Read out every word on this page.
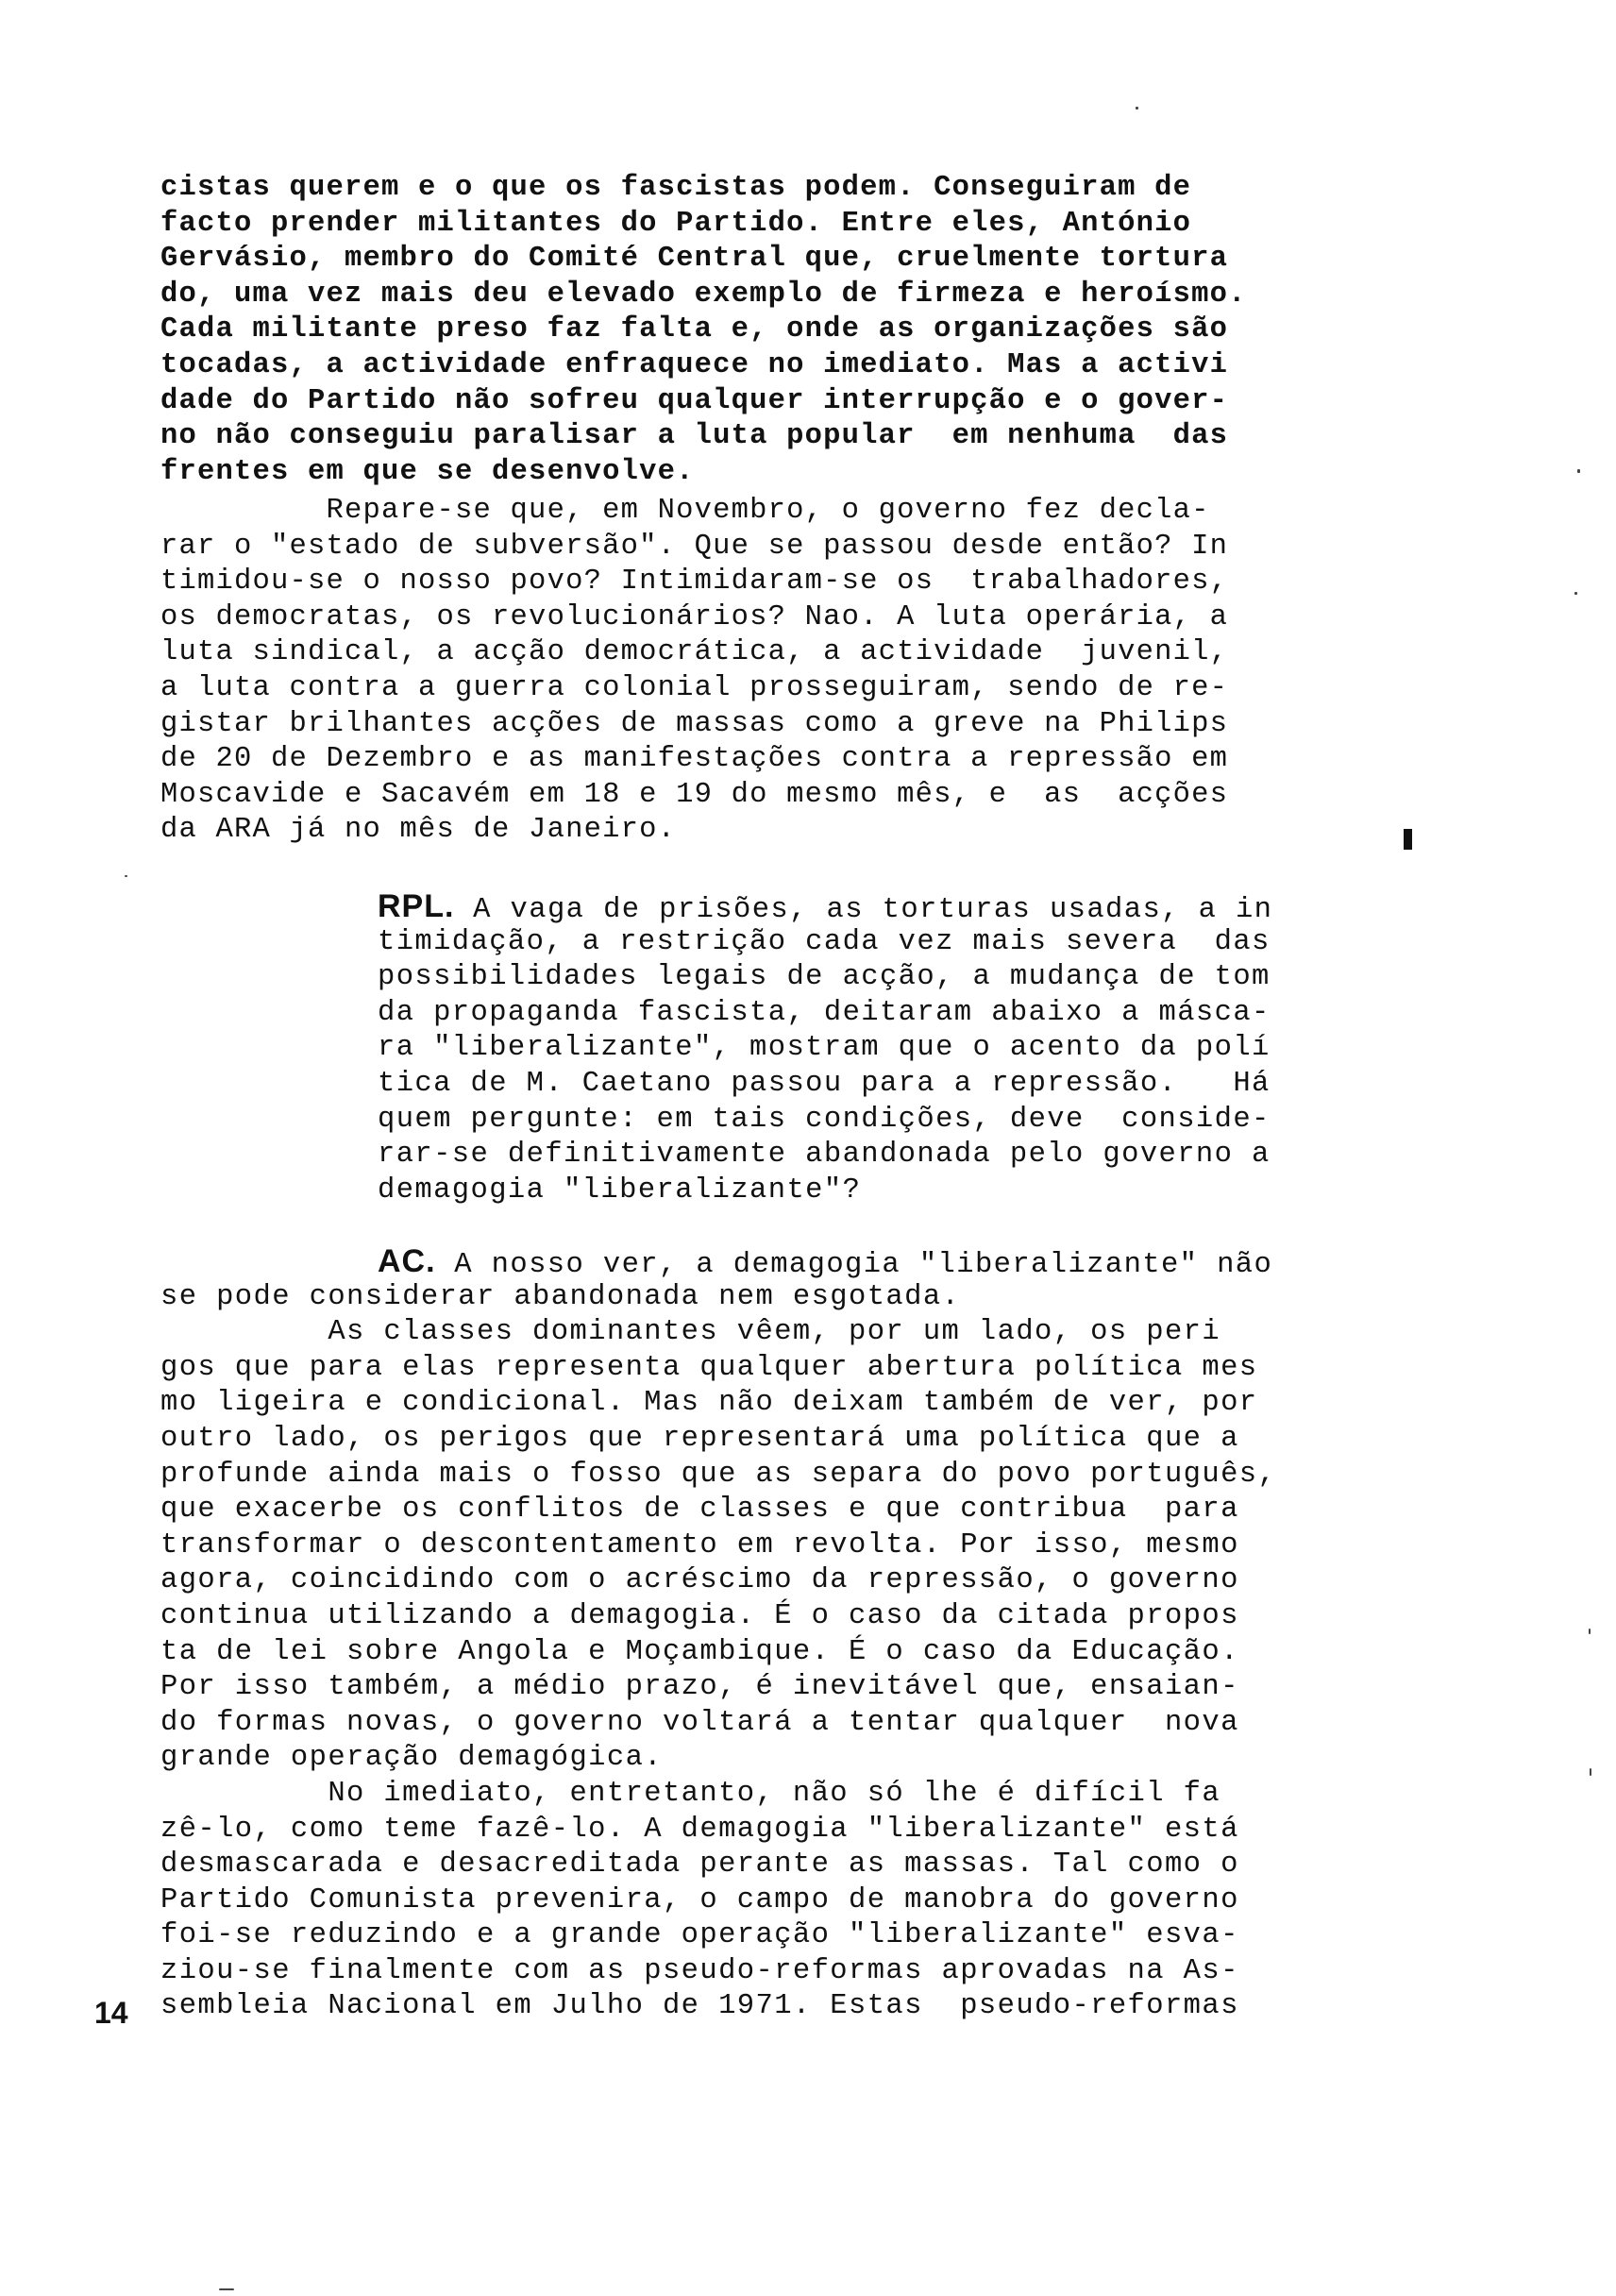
cistas querem e o que os fascistas podem. Conseguiram de
facto prender militantes do Partido. Entre eles, António
Gervásio, membro do Comité Central que, cruelmente tortura
do, uma vez mais deu elevado exemplo de firmeza e heroísmo.
Cada militante preso faz falta e, onde as organizações são
tocadas, a actividade enfraquece no imediato. Mas a activi
dade do Partido não sofreu qualquer interrupção e o gover-
no não conseguiu paralisar a luta popular  em nenhuma  das
frentes em que se desenvolve.
Repare-se que, em Novembro, o governo fez decla-
rar o "estado de subversão". Que se passou desde então? In
timidou-se o nosso povo? Intimidaram-se os  trabalhadores,
os democratas, os revolucionários? Nao. A luta operária, a
luta sindical, a acção democrática, a actividade  juvenil,
a luta contra a guerra colonial prosseguiram, sendo de re-
gistar brilhantes acções de massas como a greve na Philips
de 20 de Dezembro e as manifestações contra a repressão em
Moscavide e Sacavém em 18 e 19 do mesmo mês, e  as  acções
da ARA já no mês de Janeiro.
RPL. A vaga de prisões, as torturas usadas, a in
timidação, a restrição cada vez mais severa  das
possibilidades legais de acção, a mudança de tom
da propaganda fascista, deitaram abaixo a másca-
ra "liberalizante", mostram que o acento da polí
tica de M. Caetano passou para a repressão.   Há
quem pergunte: em tais condições, deve  conside-
rar-se definitivamente abandonada pelo governo a
demagogia "liberalizante"?
AC. A nosso ver, a demagogia "liberalizante" não
se pode considerar abandonada nem esgotada.
As classes dominantes vêem, por um lado, os peri
gos que para elas representa qualquer abertura política mes
mo ligeira e condicional. Mas não deixam também de ver, por
outro lado, os perigos que representará uma política que a
profunde ainda mais o fosso que as separa do povo português,
que exacerbe os conflitos de classes e que contribua  para
transformar o descontentamento em revolta. Por isso, mesmo
agora, coincidindo com o acréscimo da repressão, o governo
continua utilizando a demagogia. É o caso da citada propos
ta de lei sobre Angola e Moçambique. É o caso da Educação.
Por isso também, a médio prazo, é inevitável que, ensaian-
do formas novas, o governo voltará a tentar qualquer  nova
grande operação demagógica.
No imediato, entretanto, não só lhe é difícil fa
zê-lo, como teme fazê-lo. A demagogia "liberalizante" está
desmascarada e desacreditada perante as massas. Tal como o
Partido Comunista prevenira, o campo de manobra do governo
foi-se reduzindo e a grande operação "liberalizante" esva-
ziou-se finalmente com as pseudo-reformas aprovadas na As-
sembleia Nacional em Julho de 1971. Estas  pseudo-reformas
14
